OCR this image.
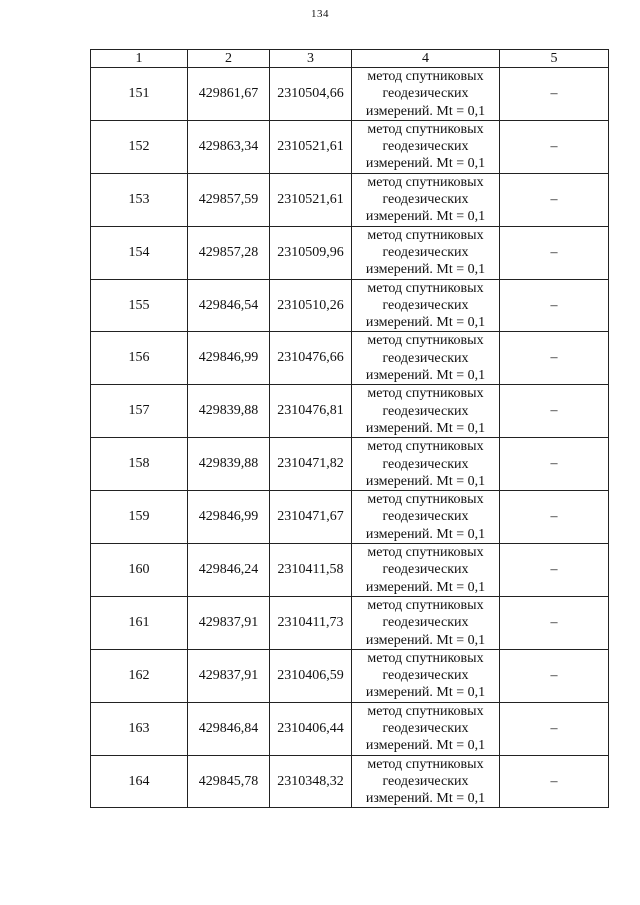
134
1	2	3	4	5
151	429861,67	2310504,66	метод спутниковых
геодезических
измерений. Mt = 0,1	–
152	429863,34	2310521,61	метод спутниковых
геодезических
измерений. Mt = 0,1	–
153	429857,59	2310521,61	метод спутниковых
геодезических
измерений. Mt = 0,1	–
154	429857,28	2310509,96	метод спутниковых
геодезических
измерений. Mt = 0,1	–
155	429846,54	2310510,26	метод спутниковых
геодезических
измерений. Mt = 0,1	–
156	429846,99	2310476,66	метод спутниковых
геодезических
измерений. Mt = 0,1	–
157	429839,88	2310476,81	метод спутниковых
геодезических
измерений. Mt = 0,1	–
158	429839,88	2310471,82	метод спутниковых
геодезических
измерений. Mt = 0,1	–
159	429846,99	2310471,67	метод спутниковых
геодезических
измерений. Mt = 0,1	–
160	429846,24	2310411,58	метод спутниковых
геодезических
измерений. Mt = 0,1	–
161	429837,91	2310411,73	метод спутниковых
геодезических
измерений. Mt = 0,1	–
162	429837,91	2310406,59	метод спутниковых
геодезических
измерений. Mt = 0,1	–
163	429846,84	2310406,44	метод спутниковых
геодезических
измерений. Mt = 0,1	–
164	429845,78	2310348,32	метод спутниковых
геодезических
измерений. Mt = 0,1	–
